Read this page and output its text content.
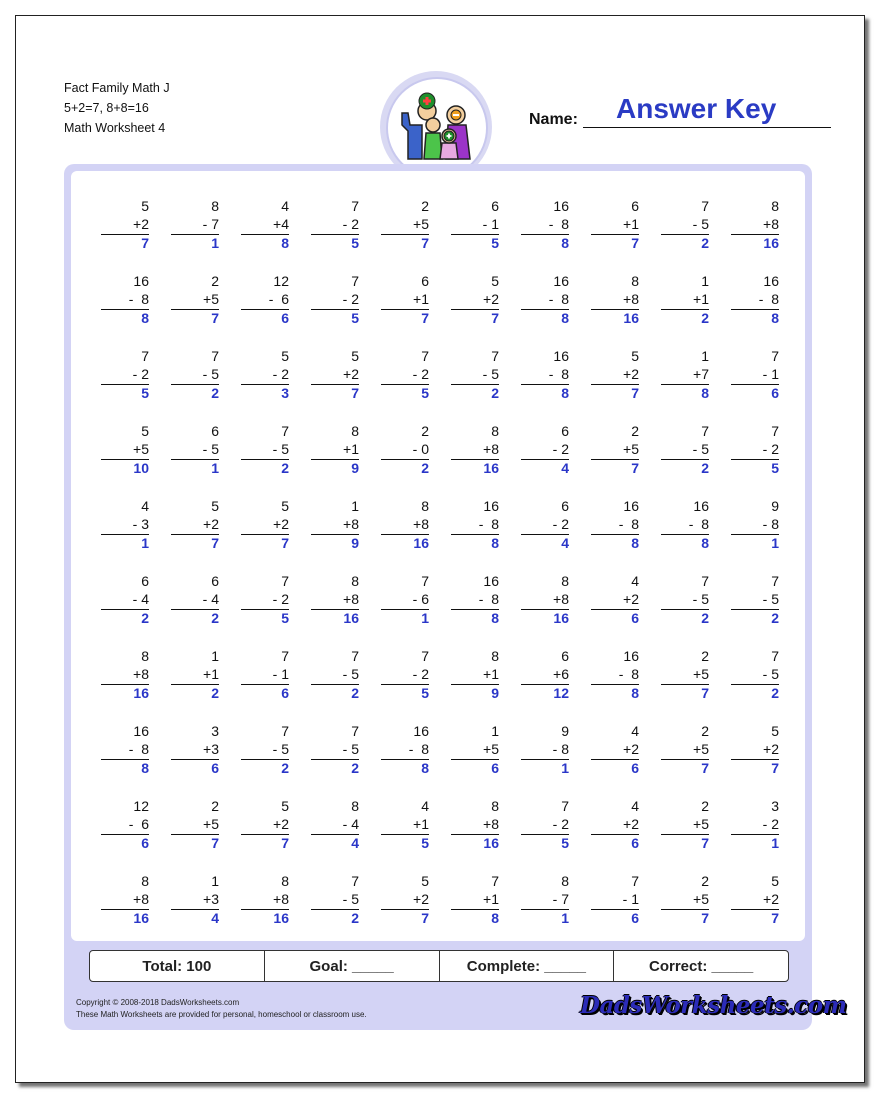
Fact Family Math J
5+2=7, 8+8=16
Math Worksheet 4	Name: Answer Key
5
+2
7
8
- 7
1
4
+4
8
7
- 2
5
2
+5
7
6
- 1
5
16
-  8
8
6
+1
7
7
- 5
2
8
+8
16
16
-  8
8
2
+5
7
12
-  6
6
7
- 2
5
6
+1
7
5
+2
7
16
-  8
8
8
+8
16
1
+1
2
16
-  8
8
7
- 2
5
7
- 5
2
5
- 2
3
5
+2
7
7
- 2
5
7
- 5
2
16
-  8
8
5
+2
7
1
+7
8
7
- 1
6
5
+5
10
6
- 5
1
7
- 5
2
8
+1
9
2
- 0
2
8
+8
16
6
- 2
4
2
+5
7
7
- 5
2
7
- 2
5
4
- 3
1
5
+2
7
5
+2
7
1
+8
9
8
+8
16
16
-  8
8
6
- 2
4
16
-  8
8
16
-  8
8
9
- 8
1
6
- 4
2
6
- 4
2
7
- 2
5
8
+8
16
7
- 6
1
16
-  8
8
8
+8
16
4
+2
6
7
- 5
2
7
- 5
2
8
+8
16
1
+1
2
7
- 1
6
7
- 5
2
7
- 2
5
8
+1
9
6
+6
12
16
-  8
8
2
+5
7
7
- 5
2
16
-  8
8
3
+3
6
7
- 5
2
7
- 5
2
16
-  8
8
1
+5
6
9
- 8
1
4
+2
6
2
+5
7
5
+2
7
12
-  6
6
2
+5
7
5
+2
7
8
- 4
4
4
+1
5
8
+8
16
7
- 2
5
4
+2
6
2
+5
7
3
- 2
1
8
+8
16
1
+3
4
8
+8
16
7
- 5
2
5
+2
7
7
+1
8
8
- 7
1
7
- 1
6
2
+5
7
5
+2
7
Total: 100	Goal: _____	Complete: _____	Correct: _____
Copyright © 2008-2018 DadsWorksheets.com
These Math Worksheets are provided for personal, homeschool or classroom use.	DadsWorksheets.com
